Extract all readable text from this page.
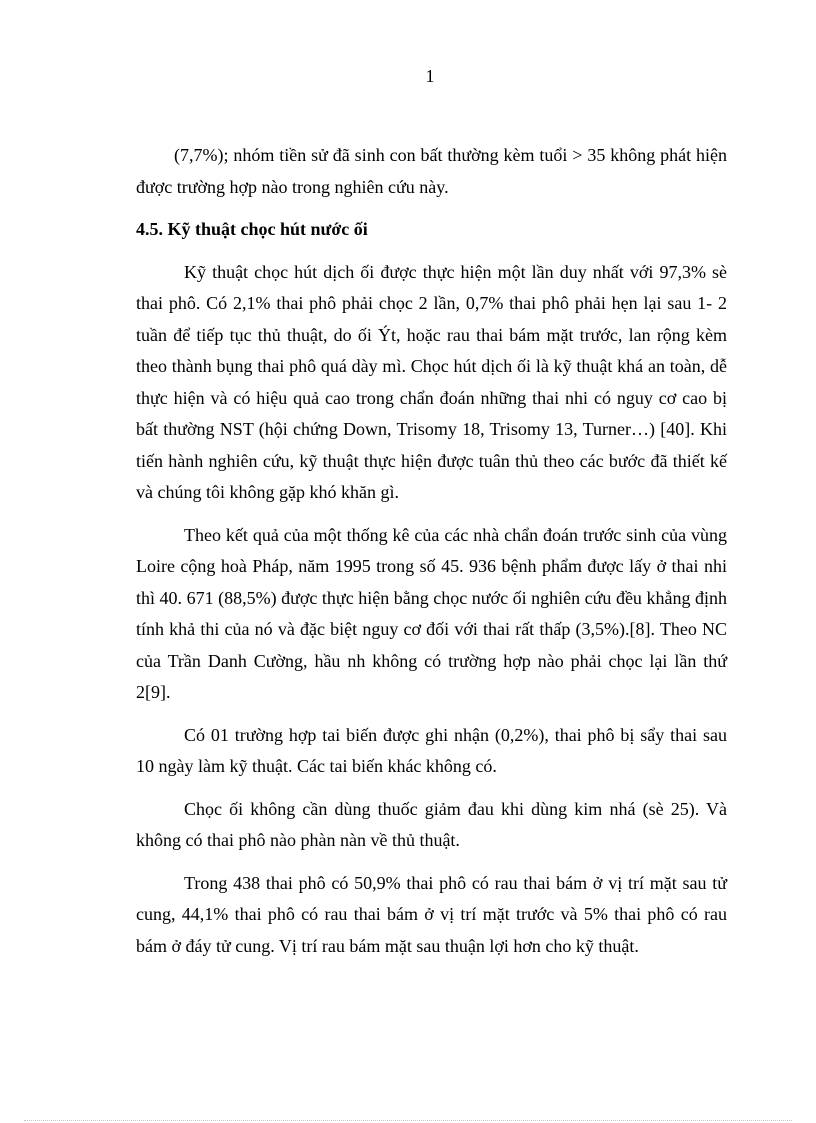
1

(7,7%); nhóm tiền sử đã sinh con bất thường kèm tuổi > 35 không phát hiện được trường hợp nào trong nghiên cứu này.

4.5. Kỹ thuật chọc hút nước ối

Kỹ thuật chọc hút dịch ối được thực hiện một lần duy nhất với 97,3% sè thai phô. Có 2,1% thai phô phải chọc 2 lần, 0,7% thai phô phải hẹn lại sau 1- 2 tuần để tiếp tục thủ thuật, do ối Ýt, hoặc rau thai bám mặt trước, lan rộng kèm theo thành bụng thai phô quá dày mì. Chọc hút dịch ối là kỹ thuật khá an toàn, dễ thực hiện và có hiệu quả cao trong chẩn đoán những thai nhi có nguy cơ cao bị bất thường NST (hội chứng Down, Trisomy 18, Trisomy 13, Turner…) [40]. Khi tiến hành nghiên cứu, kỹ thuật thực hiện được tuân thủ theo các bước đã thiết kế và chúng tôi không gặp khó khăn gì.

Theo kết quả của một thống kê của các nhà chẩn đoán trước sinh của vùng Loire cộng hoà Pháp, năm 1995 trong số 45. 936 bệnh phẩm được lấy ở thai nhi thì 40. 671 (88,5%) được thực hiện bằng chọc nước ối nghiên cứu đều khẳng định tính khả thi của nó và đặc biệt nguy cơ đối với thai rất thấp (3,5%).[8]. Theo NC của Trần Danh Cường, hầu nh không có trường hợp nào phải chọc lại lần thứ 2[9].

Có 01 trường hợp tai biến được ghi nhận (0,2%), thai phô bị sẩy thai sau 10 ngày làm kỹ thuật. Các tai biến khác không có.

Chọc ối không cần dùng thuốc giảm đau khi dùng kim nhá (sè 25). Và không có thai phô nào phàn nàn về thủ thuật.

Trong 438 thai phô có 50,9% thai phô có rau thai bám ở vị trí mặt sau tử cung, 44,1% thai phô có rau thai bám ở vị trí mặt trước và 5% thai phô có rau bám ở đáy tử cung. Vị trí rau bám mặt sau thuận lợi hơn cho kỹ thuật.
